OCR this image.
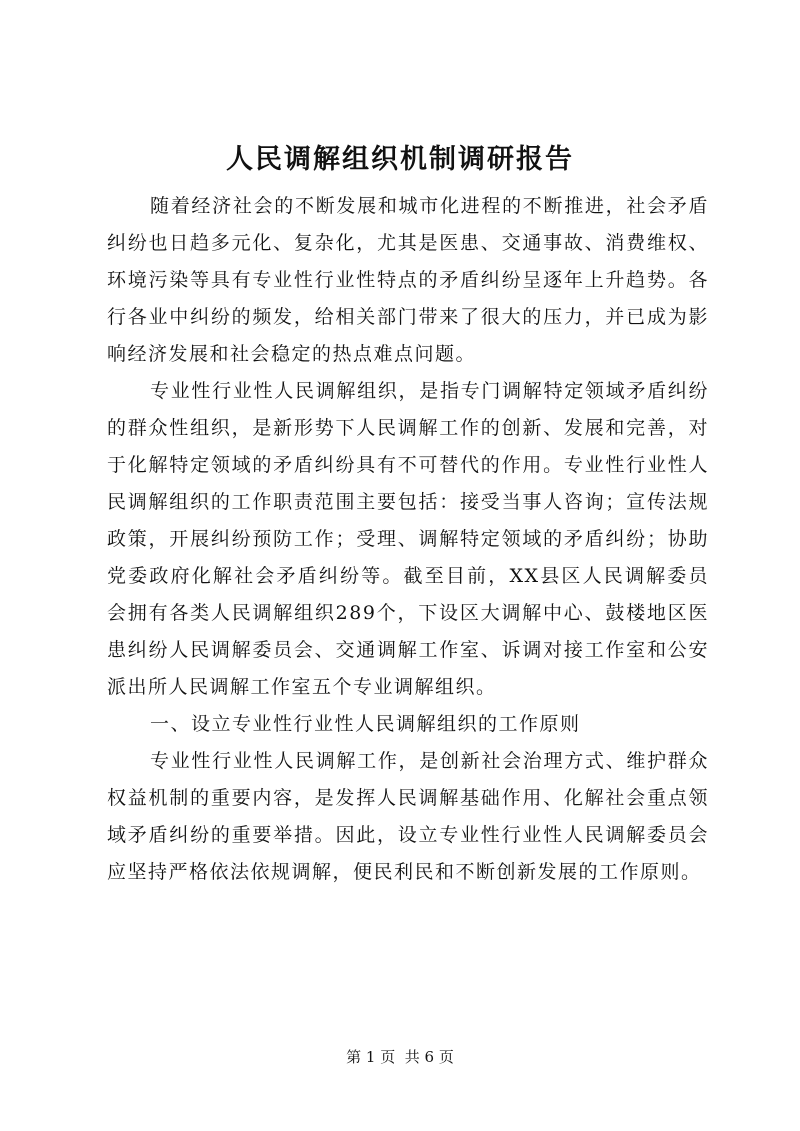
人民调解组织机制调研报告

随着经济社会的不断发展和城市化进程的不断推进，社会矛盾纠纷也日趋多元化、复杂化，尤其是医患、交通事故、消费维权、环境污染等具有专业性行业性特点的矛盾纠纷呈逐年上升趋势。各行各业中纠纷的频发，给相关部门带来了很大的压力，并已成为影响经济发展和社会稳定的热点难点问题。

专业性行业性人民调解组织，是指专门调解特定领域矛盾纠纷的群众性组织，是新形势下人民调解工作的创新、发展和完善，对于化解特定领域的矛盾纠纷具有不可替代的作用。专业性行业性人民调解组织的工作职责范围主要包括：接受当事人咨询；宣传法规政策，开展纠纷预防工作；受理、调解特定领域的矛盾纠纷；协助党委政府化解社会矛盾纠纷等。截至目前，XX县区人民调解委员会拥有各类人民调解组织289个，下设区大调解中心、鼓楼地区医患纠纷人民调解委员会、交通调解工作室、诉调对接工作室和公安派出所人民调解工作室五个专业调解组织。

一、设立专业性行业性人民调解组织的工作原则

专业性行业性人民调解工作，是创新社会治理方式、维护群众权益机制的重要内容，是发挥人民调解基础作用、化解社会重点领域矛盾纠纷的重要举措。因此，设立专业性行业性人民调解委员会应坚持严格依法依规调解，便民利民和不断创新发展的工作原则。

第 1 页  共 6 页
